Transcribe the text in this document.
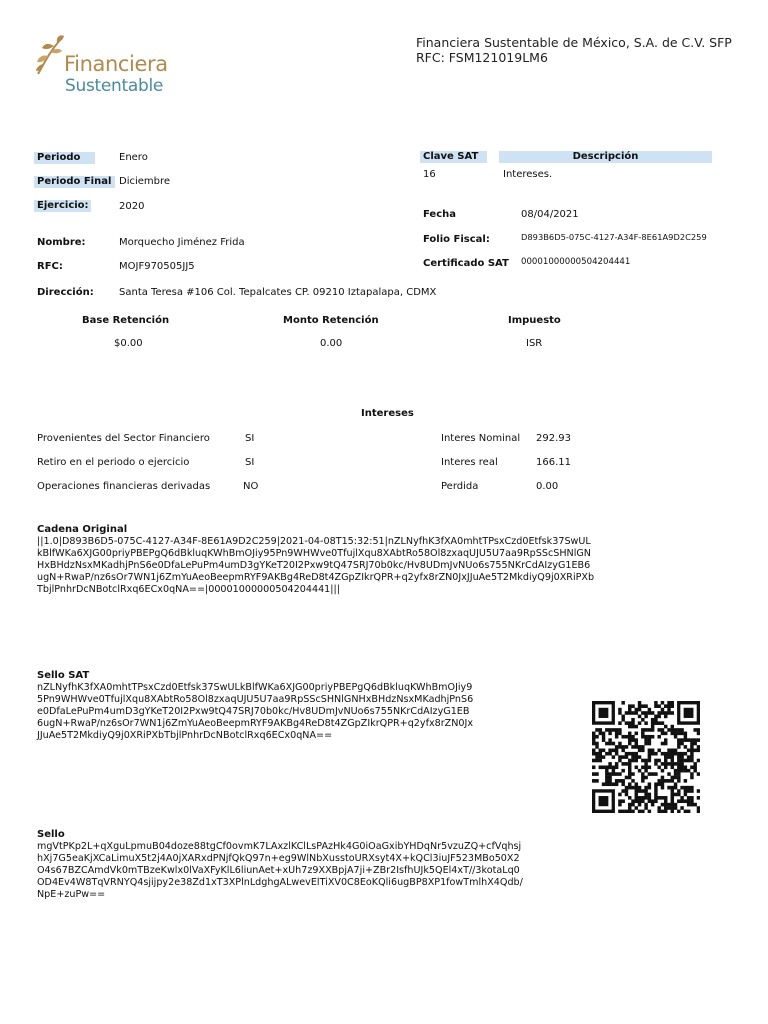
Financiera
Sustentable
Financiera Sustentable de México, S.A. de C.V. SFP
RFC: FSM121019LM6
Periodo	Enero
Periodo Final Diciembre
Ejercicio:	2020
Nombre:	Morquecho Jiménez Frida
RFC:	MOJF970505JJ5
Dirección:	Santa Teresa #106 Col. Tepalcates CP. 09210 Iztapalapa, CDMX
Clave SAT	Descripción
16	Intereses.
Fecha	08/04/2021
Folio Fiscal:	D893B6D5-075C-4127-A34F-8E61A9D2C259
Certificado SAT 00001000000504204441
Base Retención	Monto Retención	Impuesto
$0.00	0.00	ISR
Intereses
Provenientes del Sector Financiero	SI	Interes Nominal 292.93
Retiro en el periodo o ejercicio	SI	Interes real	166.11
Operaciones financieras derivadas	NO	Perdida	0.00
Cadena Original
||1.0|D893B6D5-075C-4127-A34F-8E61A9D2C259|2021-04-08T15:32:51|nZLNyfhK3fXA0mhtTPsxCzd0Etfsk37SwUL
kBlfWKa6XJG00priyPBEPgQ6dBkluqKWhBmOJiy95Pn9WHWve0TfujlXqu8XAbtRo58Ol8zxaqUJU5U7aa9RpSScSHNlGN
HxBHdzNsxMKadhjPnS6e0DfaLePuPm4umD3gYKeT20I2Pxw9tQ47SRJ70b0kc/Hv8UDmJvNUo6s755NKrCdAIzyG1EB6
ugN+RwaP/nz6sOr7WN1j6ZmYuAeoBeepmRYF9AKBg4ReD8t4ZGpZIkrQPR+q2yfx8rZN0JxJJuAe5T2MkdiyQ9j0XRiPXb
TbjlPnhrDcNBotclRxq6ECx0qNA==|00001000000504204441|||
Sello SAT
nZLNyfhK3fXA0mhtTPsxCzd0Etfsk37SwULkBlfWKa6XJG00priyPBEPgQ6dBkluqKWhBmOJiy9
5Pn9WHWve0TfujlXqu8XAbtRo58Ol8zxaqUJU5U7aa9RpSScSHNlGNHxBHdzNsxMKadhjPnS6
e0DfaLePuPm4umD3gYKeT20I2Pxw9tQ47SRJ70b0kc/Hv8UDmJvNUo6s755NKrCdAIzyG1EB
6ugN+RwaP/nz6sOr7WN1j6ZmYuAeoBeepmRYF9AKBg4ReD8t4ZGpZIkrQPR+q2yfx8rZN0Jx
JJuAe5T2MkdiyQ9j0XRiPXbTbjlPnhrDcNBotclRxq6ECx0qNA==
Sello
mgVtPKp2L+qXguLpmuB04doze88tgCf0ovmK7LAxzlKClLsPAzHk4G0iOaGxibYHDqNr5vzuZQ+cfVqhsj
hXj7G5eaKjXCaLimuX5t2j4A0jXARxdPNjfQkQ97n+eg9WlNbXusstoURXsyt4X+kQCl3iuJF523MBo50X2
O4s67BZCAmdVk0mTBzeKwlx0lVaXFyKlL6liunAet+xUh7z9XXBpjA7ji+ZBr2IsfhUJk5QEl4xT//3kotaLq0
OD4Ev4W8TqVRNYQ4sjijpy2e38Zd1xT3XPlnLdghgALwevElTiXV0C8EoKQli6ugBP8XP1fowTmlhX4Qdb/
NpE+zuPw==
